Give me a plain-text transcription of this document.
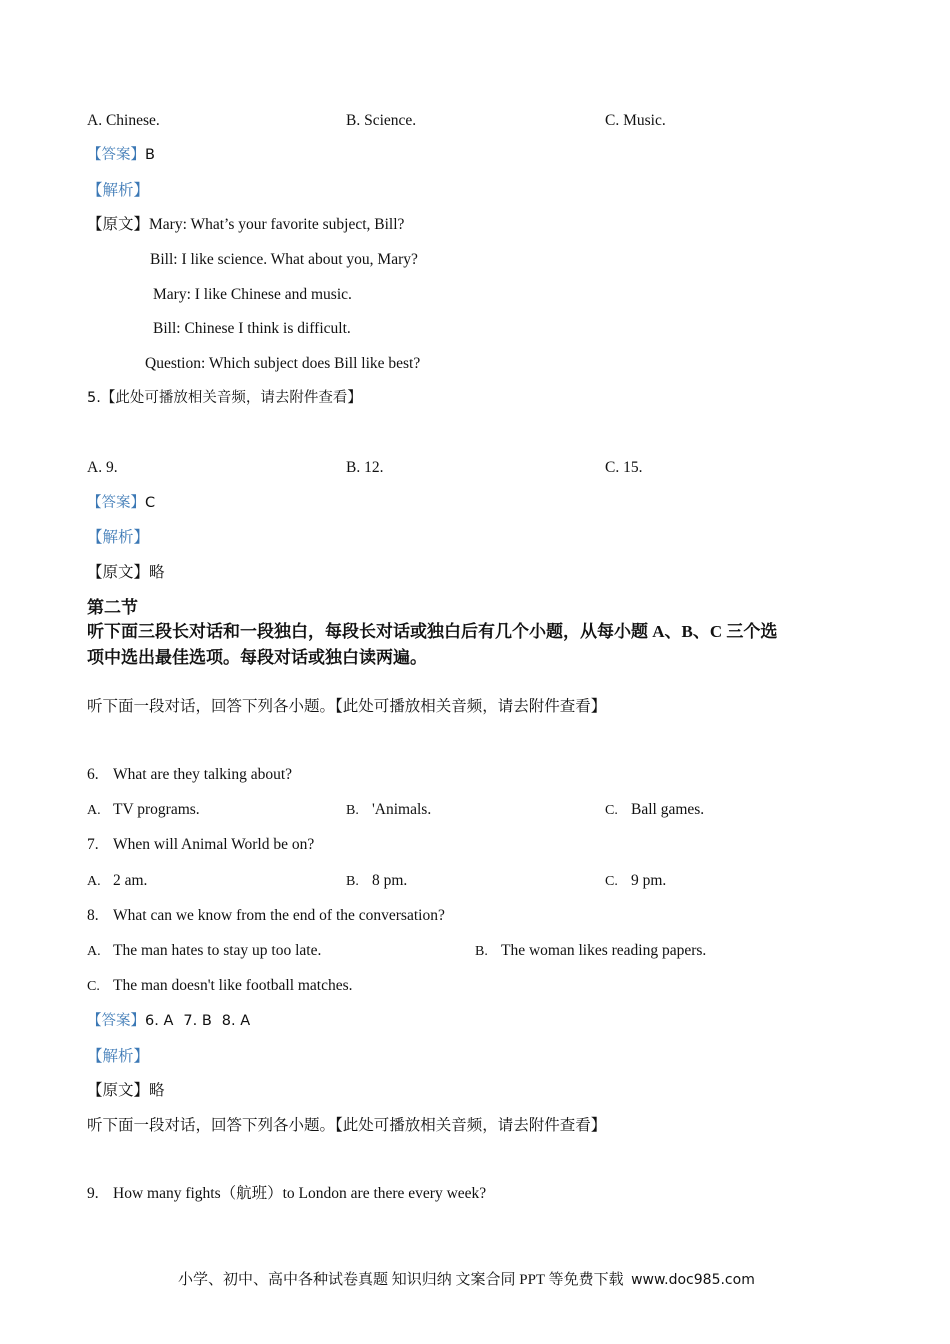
A. Chinese.	B. Science.	C. Music.
【答案】B
【解析】
【原文】Mary: What’s your favorite subject, Bill?
Bill: I like science. What about you, Mary?
Mary: I like Chinese and music.
Bill: Chinese I think is difficult.
Question: Which subject does Bill like best?
5.【此处可播放相关音频，请去附件查看】
A. 9.	B. 12.	C. 15.
【答案】C
【解析】
【原文】略
第二节
听下面三段长对话和一段独白，每段长对话或独白后有几个小题，从每小题 A、B、C 三个选
项中选出最佳选项。每段对话或独白读两遍。
听下面一段对话，回答下列各小题。【此处可播放相关音频，请去附件查看】
6. What are they talking about?
A. TV programs.	B. 'Animals.	C. Ball games.
7. When will Animal World be on?
A. 2 am.	B. 8 pm.	C. 9 pm.
8. What can we know from the end of the conversation?
A. The man hates to stay up too late.	B. The woman likes reading papers.
C. The man doesn't like football matches.
【答案】6. A 7. B 8. A
【解析】
【原文】略
听下面一段对话，回答下列各小题。【此处可播放相关音频，请去附件查看】
9. How many fights（航班）to London are there every week?
小学、初中、高中各种试卷真题 知识归纳 文案合同 PPT 等免费下载 www.doc985.com
